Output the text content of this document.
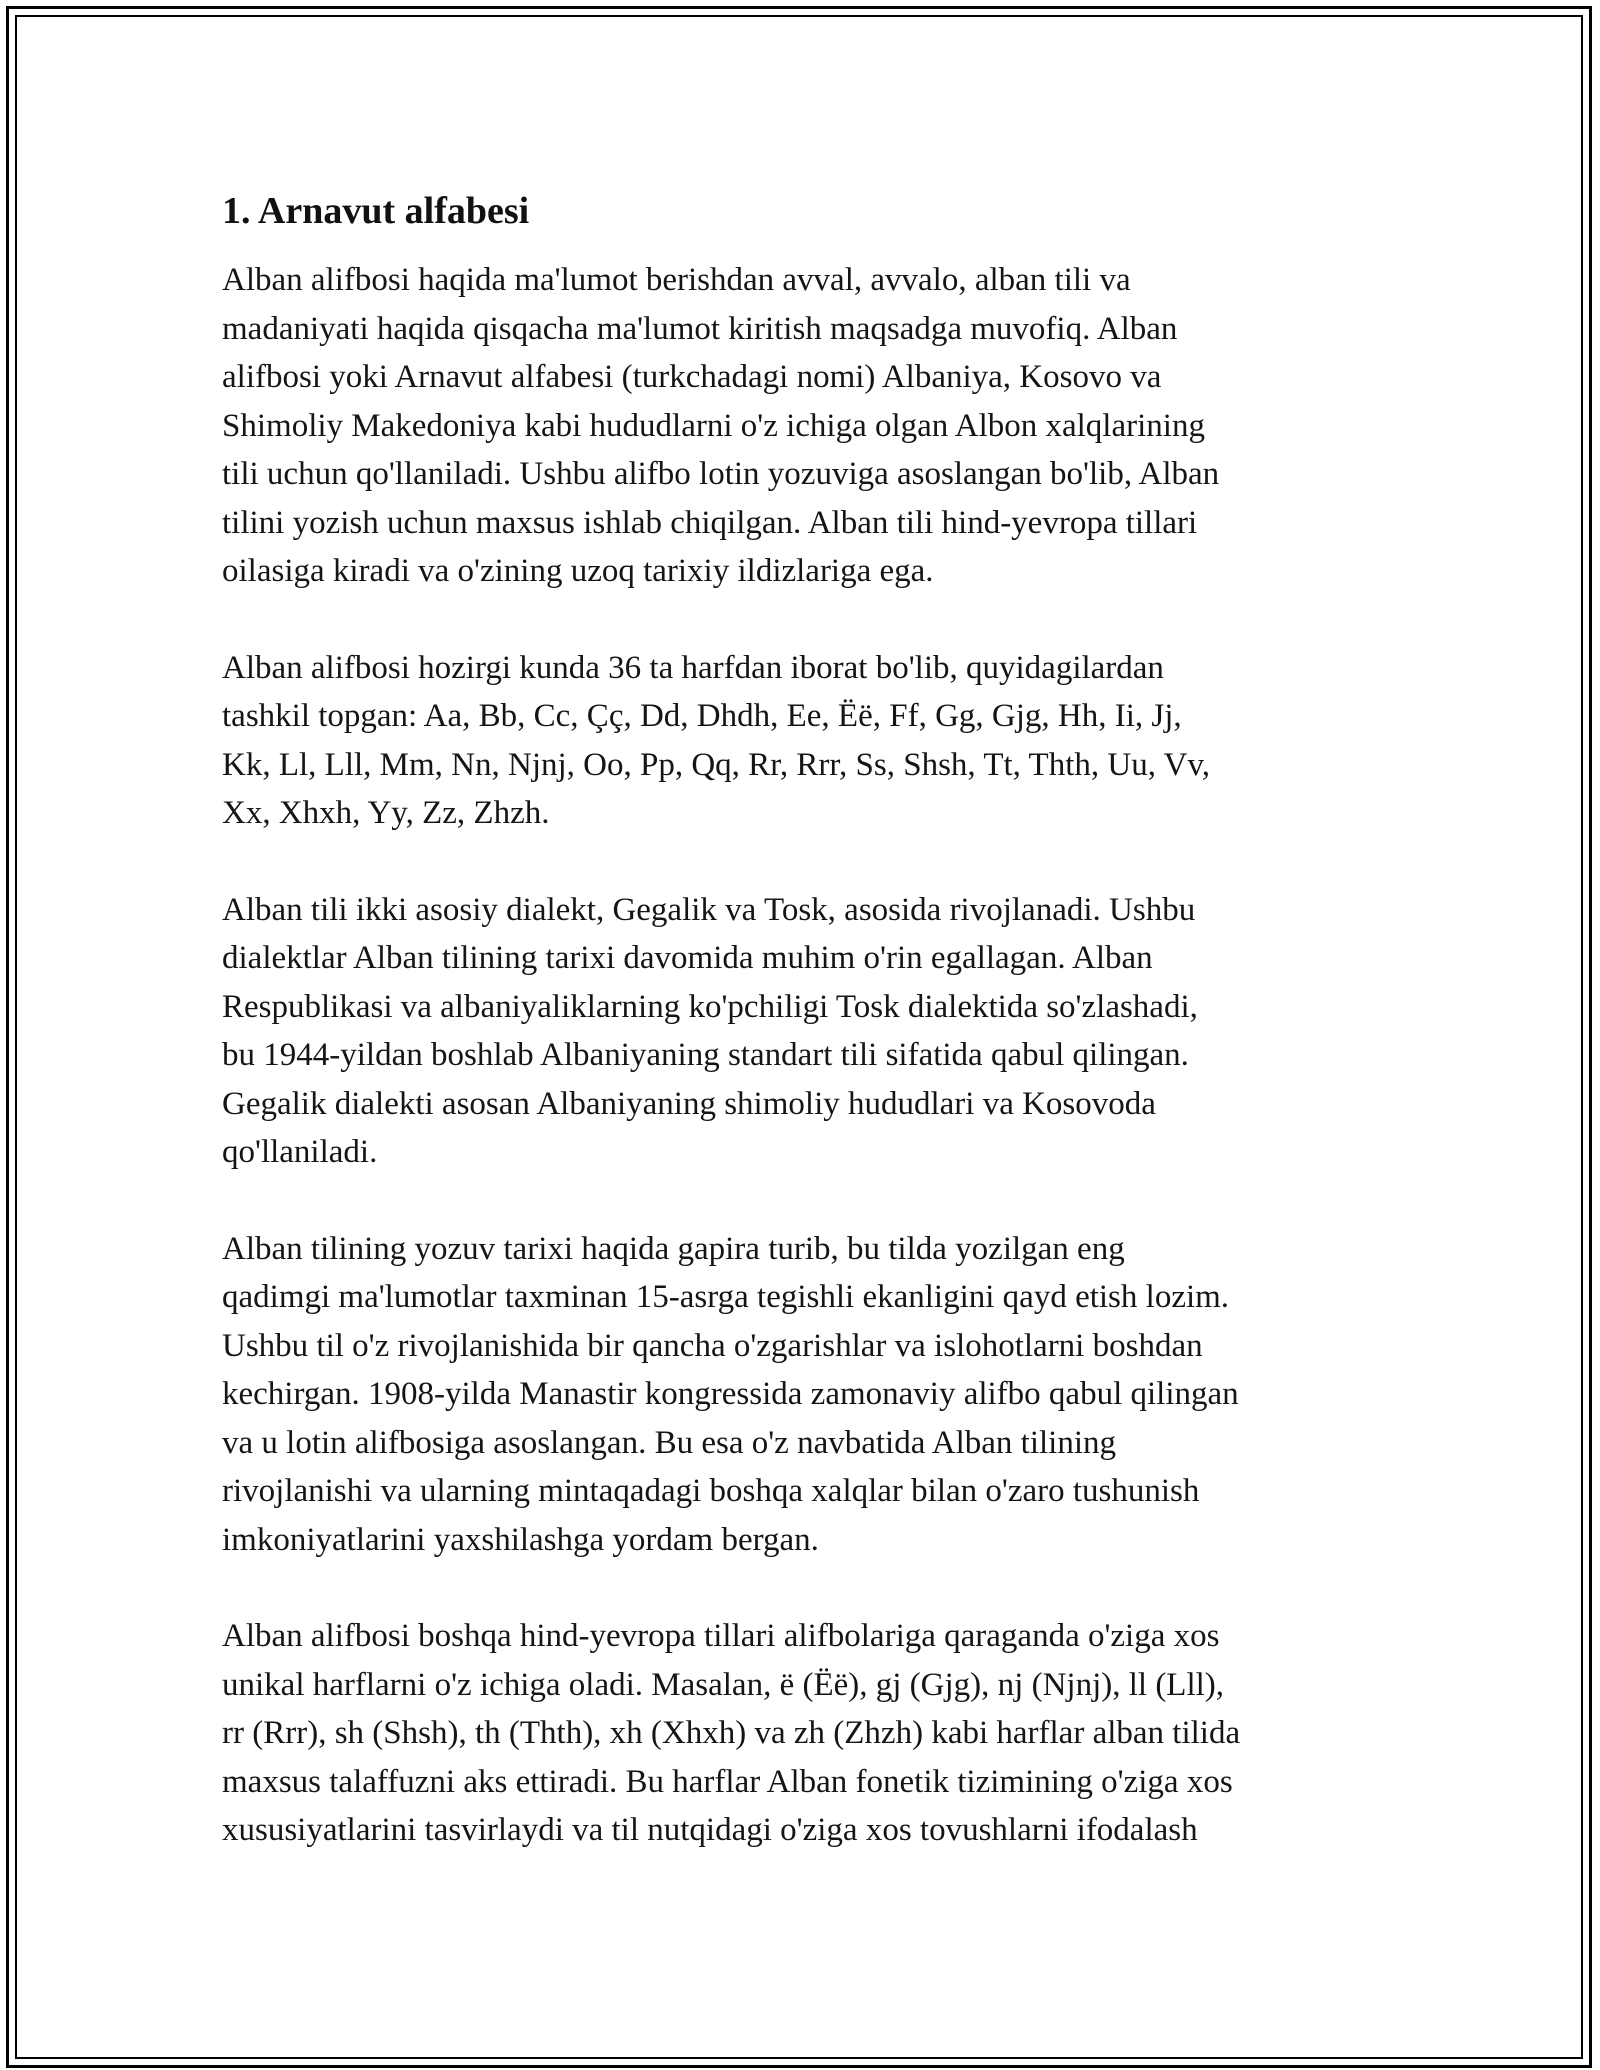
1. Arnavut alfabesi

Alban alifbosi haqida ma'lumot berishdan avval, avvalo, alban tili va
madaniyati haqida qisqacha ma'lumot kiritish maqsadga muvofiq. Alban
alifbosi yoki Arnavut alfabesi (turkchadagi nomi) Albaniya, Kosovo va
Shimoliy Makedoniya kabi hududlarni o'z ichiga olgan Albon xalqlarining
tili uchun qo'llaniladi. Ushbu alifbo lotin yozuviga asoslangan bo'lib, Alban
tilini yozish uchun maxsus ishlab chiqilgan. Alban tili hind-yevropa tillari
oilasiga kiradi va o'zining uzoq tarixiy ildizlariga ega.

Alban alifbosi hozirgi kunda 36 ta harfdan iborat bo'lib, quyidagilardan
tashkil topgan: Aa, Bb, Cc, Çç, Dd, Dhdh, Ee, Ëë, Ff, Gg, Gjg, Hh, Ii, Jj,
Kk, Ll, Lll, Mm, Nn, Njnj, Oo, Pp, Qq, Rr, Rrr, Ss, Shsh, Tt, Thth, Uu, Vv,
Xx, Xhxh, Yy, Zz, Zhzh.

Alban tili ikki asosiy dialekt, Gegalik va Tosk, asosida rivojlanadi. Ushbu
dialektlar Alban tilining tarixi davomida muhim o'rin egallagan. Alban
Respublikasi va albaniyaliklarning ko'pchiligi Tosk dialektida so'zlashadi,
bu 1944-yildan boshlab Albaniyaning standart tili sifatida qabul qilingan.
Gegalik dialekti asosan Albaniyaning shimoliy hududlari va Kosovoda
qo'llaniladi.

Alban tilining yozuv tarixi haqida gapira turib, bu tilda yozilgan eng
qadimgi ma'lumotlar taxminan 15-asrga tegishli ekanligini qayd etish lozim.
Ushbu til o'z rivojlanishida bir qancha o'zgarishlar va islohotlarni boshdan
kechirgan. 1908-yilda Manastir kongressida zamonaviy alifbo qabul qilingan
va u lotin alifbosiga asoslangan. Bu esa o'z navbatida Alban tilining
rivojlanishi va ularning mintaqadagi boshqa xalqlar bilan o'zaro tushunish
imkoniyatlarini yaxshilashga yordam bergan.

Alban alifbosi boshqa hind-yevropa tillari alifbolariga qaraganda o'ziga xos
unikal harflarni o'z ichiga oladi. Masalan, ë (Ëë), gj (Gjg), nj (Njnj), ll (Lll),
rr (Rrr), sh (Shsh), th (Thth), xh (Xhxh) va zh (Zhzh) kabi harflar alban tilida
maxsus talaffuzni aks ettiradi. Bu harflar Alban fonetik tizimining o'ziga xos
xususiyatlarini tasvirlaydi va til nutqidagi o'ziga xos tovushlarni ifodalash
